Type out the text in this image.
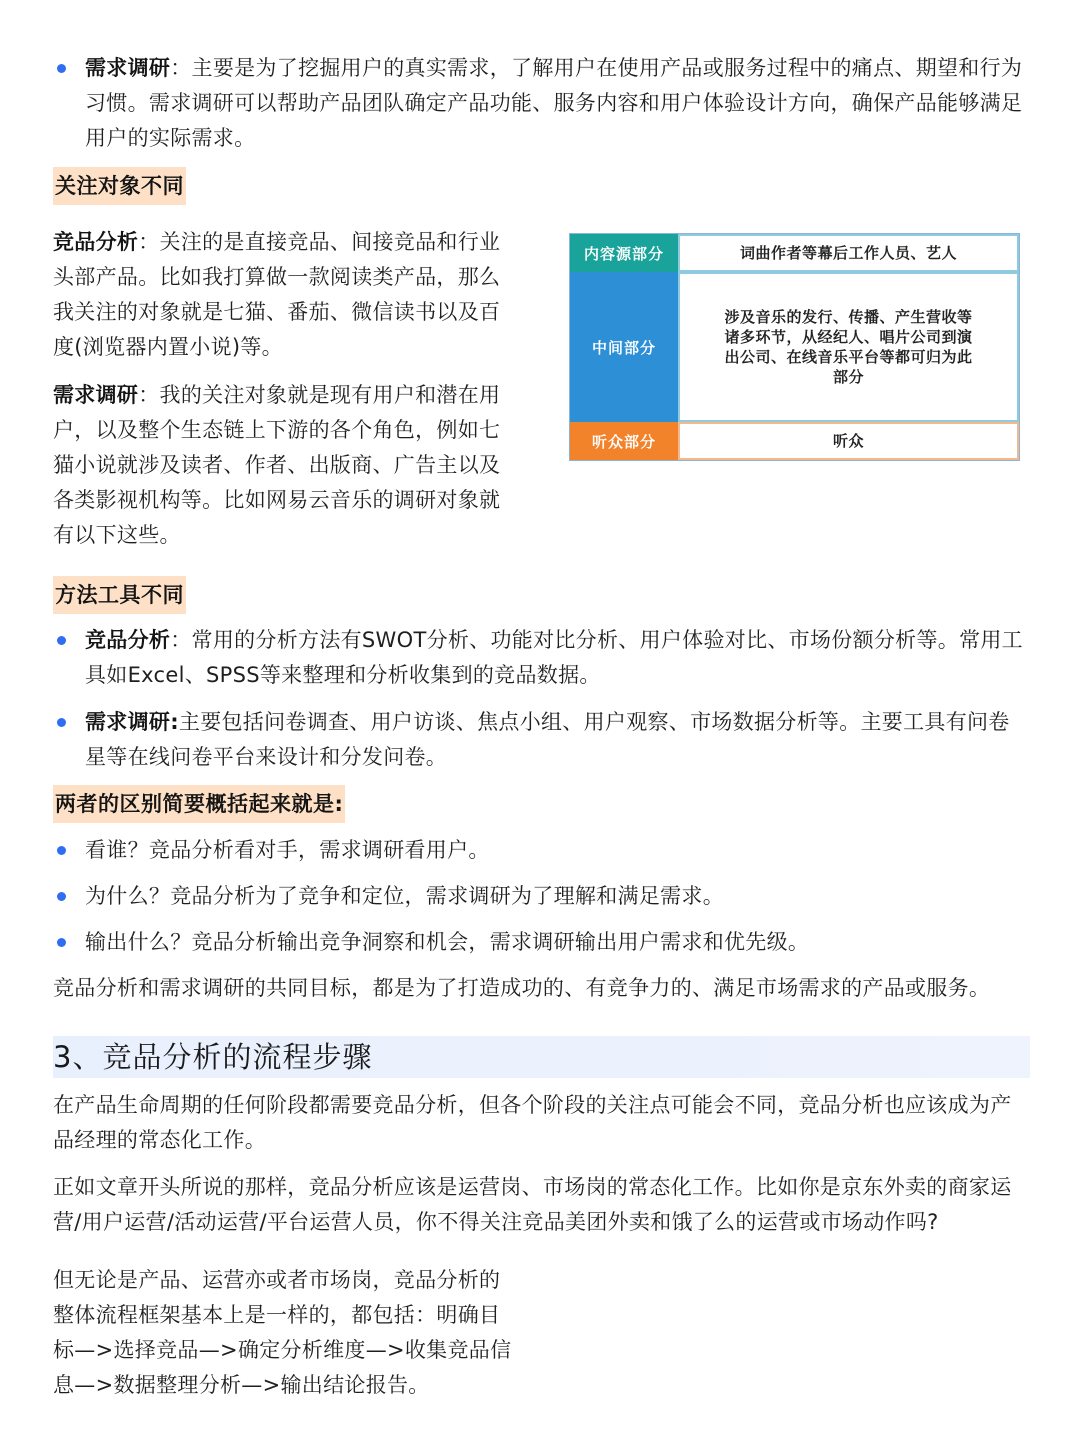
需求调研：主要是为了挖掘用户的真实需求，了解用户在使用产品或服务过程中的痛点、期望和行为习惯。需求调研可以帮助产品团队确定产品功能、服务内容和用户体验设计方向，确保产品能够满足用户的实际需求。
关注对象不同

竞品分析：关注的是直接竞品、间接竞品和行业头部产品。比如我打算做一款阅读类产品，那么我关注的对象就是七猫、番茄、微信读书以及百度(浏览器内置小说)等。

需求调研：我的关注对象就是现有用户和潜在用户，以及整个生态链上下游的各个角色，例如七猫小说就涉及读者、作者、出版商、广告主以及各类影视机构等。比如网易云音乐的调研对象就有以下这些。

内容源部分	词曲作者等幕后工作人员、艺人
中间部分
涉及音乐的发行、传播、产生营收等诸多环节，从经纪人、唱片公司到演出公司、在线音乐平台等都可归为此部分
听众部分	听众
方法工具不同
竞品分析：常用的分析方法有SWOT分析、功能对比分析、用户体验对比、市场份额分析等。常用工具如Excel、SPSS等来整理和分析收集到的竞品数据。
需求调研:主要包括问卷调查、用户访谈、焦点小组、用户观察、市场数据分析等。主要工具有问卷星等在线问卷平台来设计和分发问卷。
两者的区别简要概括起来就是:
看谁？竞品分析看对手，需求调研看用户。
为什么？竞品分析为了竞争和定位，需求调研为了理解和满足需求。
输出什么？竞品分析输出竞争洞察和机会，需求调研输出用户需求和优先级。

竞品分析和需求调研的共同目标，都是为了打造成功的、有竞争力的、满足市场需求的产品或服务。

3、竞品分析的流程步骤

在产品生命周期的任何阶段都需要竞品分析，但各个阶段的关注点可能会不同，竞品分析也应该成为产品经理的常态化工作。

正如文章开头所说的那样，竞品分析应该是运营岗、市场岗的常态化工作。比如你是京东外卖的商家运营/用户运营/活动运营/平台运营人员，你不得关注竞品美团外卖和饿了么的运营或市场动作吗?

但无论是产品、运营亦或者市场岗，竞品分析的整体流程框架基本上是一样的，都包括：明确目标—>选择竞品—>确定分析维度—>收集竞品信息—>数据整理分析—>输出结论报告。
